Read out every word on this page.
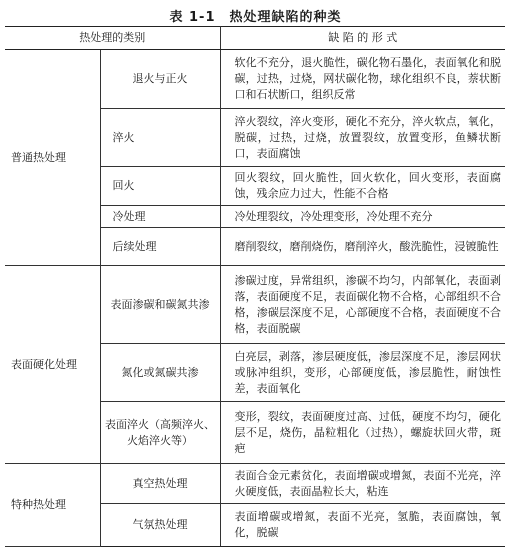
表 1-1 热处理缺陷的种类
热处理的类别		缺 陷 的 形 式
普通热处理	退火与正火	软化不充分，退火脆性，碳化物石墨化，表面氧化和脱碳，过热，过烧，网状碳化物，球化组织不良，萘状断口和石状断口，组织反常
	淬火	淬火裂纹，淬火变形，硬化不充分，淬火软点，氧化，脱碳，过热，过烧，放置裂纹，放置变形，鱼鳞状断口，表面腐蚀
	回火	回火裂纹，回火脆性，回火软化，回火变形，表面腐蚀，残余应力过大，性能不合格
	冷处理	冷处理裂纹，冷处理变形，冷处理不充分
	后续处理	磨削裂纹，磨削烧伤，磨削淬火，酸洗脆性，浸镀脆性
表面硬化处理	表面渗碳和碳氮共渗	渗碳过度，异常组织，渗碳不均匀，内部氧化，表面剥落，表面硬度不足，表面碳化物不合格，心部组织不合格，渗碳层深度不足，心部硬度不合格，表面硬度不合格，表面脱碳
	氮化或氮碳共渗	白亮层，剥落，渗层硬度低，渗层深度不足，渗层网状或脉冲组织，变形，心部硬度低，渗层脆性，耐蚀性差，表面氧化
	表面淬火（高频淬火、火焰淬火等）	变形，裂纹，表面硬度过高、过低，硬度不均匀，硬化层不足，烧伤，晶粒粗化（过热），螺旋状回火带，斑疤
特种热处理	真空热处理	表面合金元素贫化，表面增碳或增氮，表面不光亮，淬火硬度低，表面晶粒长大，粘连
	气氛热处理	表面增碳或增氮，表面不光亮，氢脆，表面腐蚀，氧化，脱碳
